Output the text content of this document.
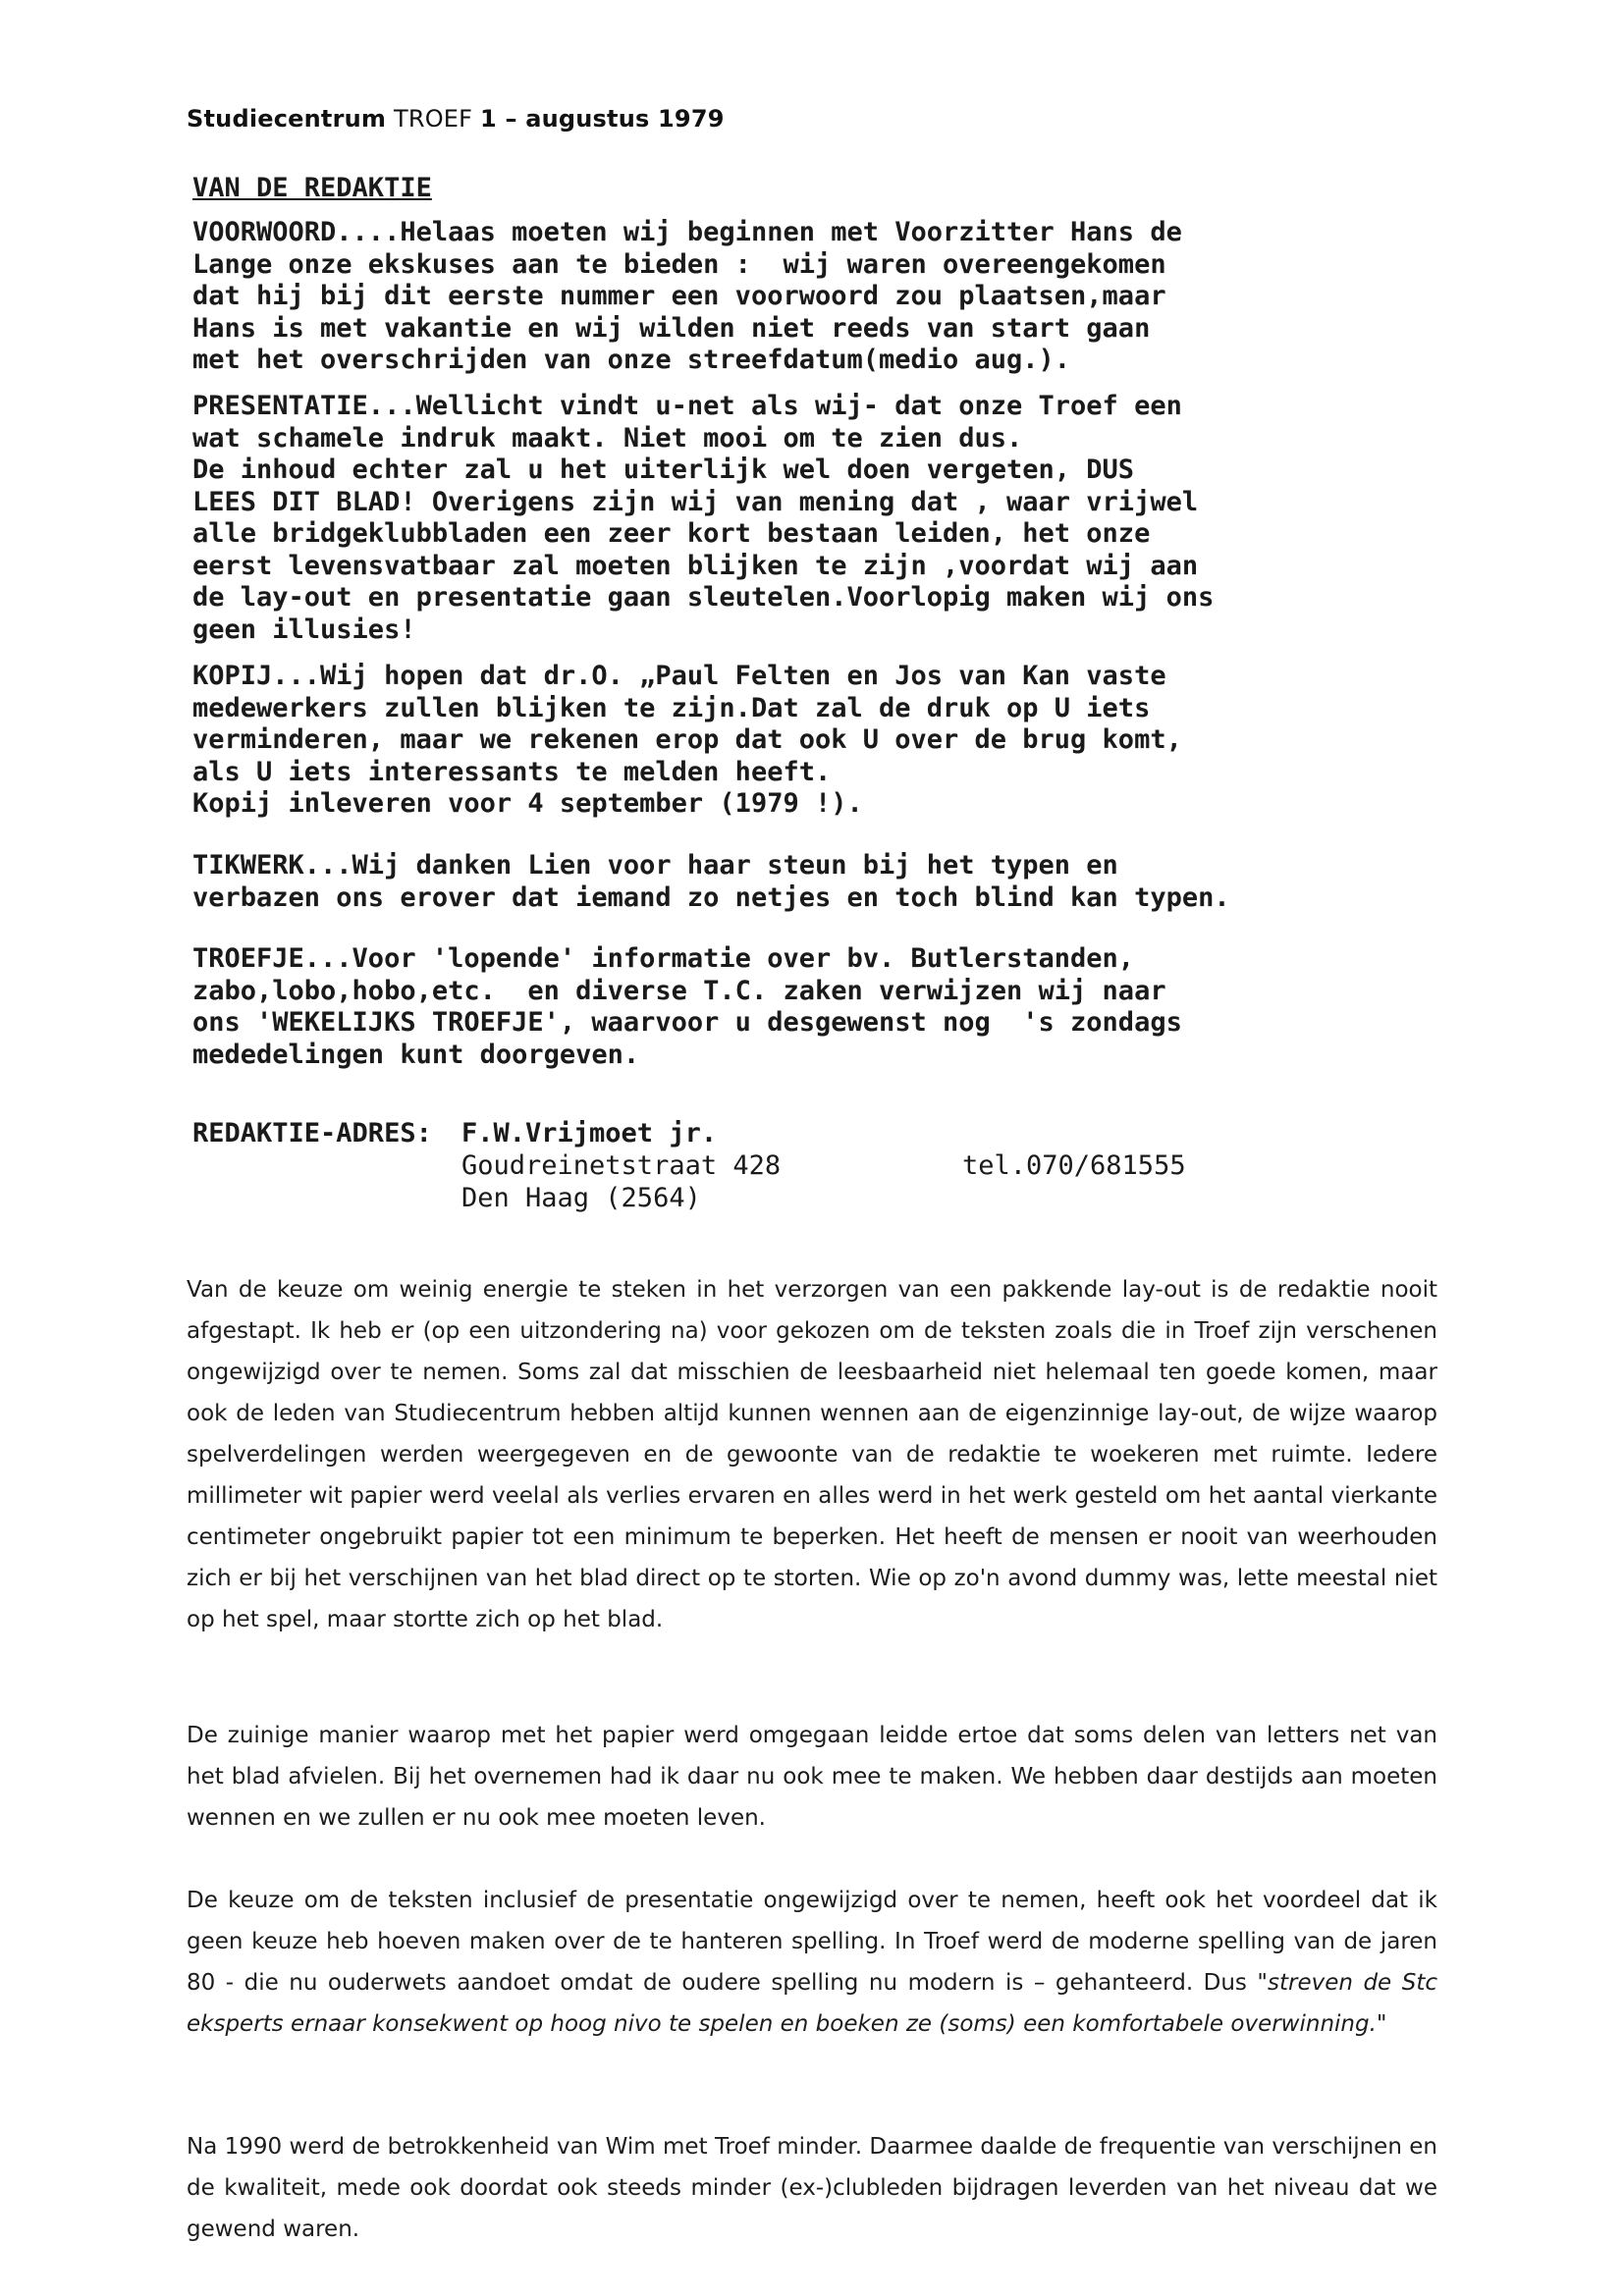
Studiecentrum TROEF 1 – augustus 1979
VAN DE REDAKTIE
VOORWOORD....Helaas moeten wij beginnen met Voorzitter Hans de
Lange onze ekskuses aan te bieden :  wij waren overeengekomen
dat hij bij dit eerste nummer een voorwoord zou plaatsen,maar
Hans is met vakantie en wij wilden niet reeds van start gaan
met het overschrijden van onze streefdatum(medio aug.).
PRESENTATIE...Wellicht vindt u-net als wij- dat onze Troef een
wat schamele indruk maakt. Niet mooi om te zien dus.
De inhoud echter zal u het uiterlijk wel doen vergeten, DUS
LEES DIT BLAD! Overigens zijn wij van mening dat , waar vrijwel
alle bridgeklubbladen een zeer kort bestaan leiden, het onze
eerst levensvatbaar zal moeten blijken te zijn ,voordat wij aan
de lay-out en presentatie gaan sleutelen.Voorlopig maken wij ons
geen illusies!
KOPIJ...Wij hopen dat dr.O. „Paul Felten en Jos van Kan vaste
medewerkers zullen blijken te zijn.Dat zal de druk op U iets
verminderen, maar we rekenen erop dat ook U over de brug komt,
als U iets interessants te melden heeft.
Kopij inleveren voor 4 september (1979 !).
TIKWERK...Wij danken Lien voor haar steun bij het typen en
verbazen ons erover dat iemand zo netjes en toch blind kan typen.
TROEFJE...Voor 'lopende' informatie over bv. Butlerstanden,
zabo,lobo,hobo,etc.  en diverse T.C. zaken verwijzen wij naar
ons 'WEKELIJKS TROEFJE', waarvoor u desgewenst nog  's zondags
mededelingen kunt doorgeven.
REDAKTIE-ADRES: F.W.Vrijmoet jr.
Goudreinetstraat 428	tel.070/681555
Den Haag (2564)

Van de keuze om weinig energie te steken in het verzorgen van een pakkende lay-out is de redaktie nooit afgestapt. Ik heb er (op een uitzondering na) voor gekozen om de teksten zoals die in Troef zijn verschenen ongewijzigd over te nemen. Soms zal dat misschien de leesbaarheid niet helemaal ten goede komen, maar ook de leden van Studiecentrum hebben altijd kunnen wennen aan de eigenzinnige lay-out, de wijze waarop spelverdelingen werden weergegeven en de gewoonte van de redaktie te woekeren met ruimte. Iedere millimeter wit papier werd veelal als verlies ervaren en alles werd in het werk gesteld om het aantal vierkante centimeter ongebruikt papier tot een minimum te beperken. Het heeft de mensen er nooit van weerhouden zich er bij het verschijnen van het blad direct op te storten. Wie op zo'n avond dummy was, lette meestal niet op het spel, maar stortte zich op het blad.

De zuinige manier waarop met het papier werd omgegaan leidde ertoe dat soms delen van letters net van het blad afvielen. Bij het overnemen had ik daar nu ook mee te maken. We hebben daar destijds aan moeten wennen en we zullen er nu ook mee moeten leven.

De keuze om de teksten inclusief de presentatie ongewijzigd over te nemen, heeft ook het voordeel dat ik geen keuze heb hoeven maken over de te hanteren spelling. In Troef werd de moderne spelling van de jaren 80 - die nu ouderwets aandoet omdat de oudere spelling nu modern is – gehanteerd. Dus "streven de Stc eksperts ernaar konsekwent op hoog nivo te spelen en boeken ze (soms) een komfortabele overwinning."

Na 1990 werd de betrokkenheid van Wim met Troef minder. Daarmee daalde de frequentie van verschijnen en de kwaliteit, mede ook doordat ook steeds minder (ex-)clubleden bijdragen leverden van het niveau dat we gewend waren.
